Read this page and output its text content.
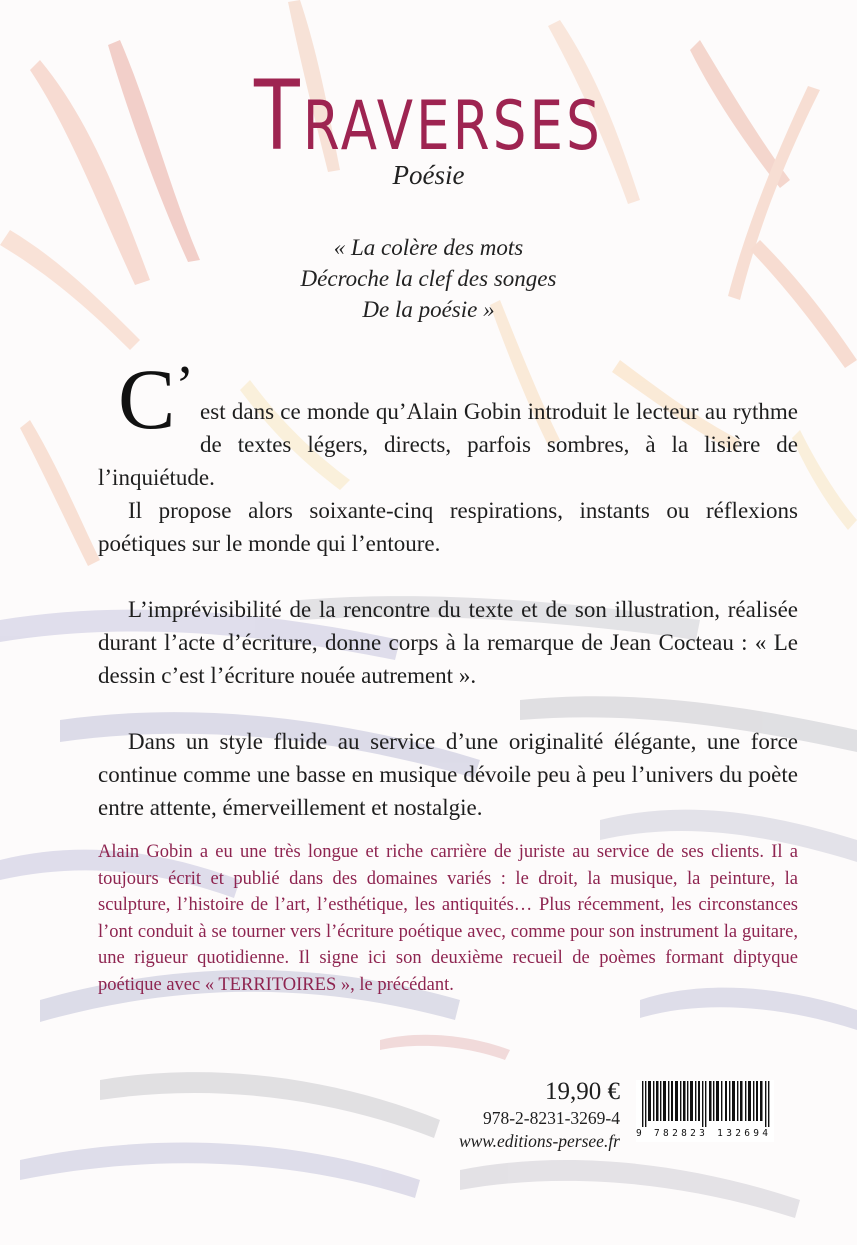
TRAVERSES
Poésie
« La colère des mots
Décroche la clef des songes
De la poésie »

C’ est dans ce monde qu’Alain Gobin introduit le lecteur au rythme de textes légers, directs, parfois sombres, à la lisière de l’inquiétude.

Il propose alors soixante-cinq respirations, instants ou réflexions poétiques sur le monde qui l’entoure.

L’imprévisibilité de la rencontre du texte et de son illustration, réalisée durant l’acte d’écriture, donne corps à la remarque de Jean Cocteau : « Le dessin c’est l’écriture nouée autrement ».

Dans un style fluide au service d’une originalité élégante, une force continue comme une basse en musique dévoile peu à peu l’univers du poète entre attente, émerveillement et nostalgie.

Alain Gobin a eu une très longue et riche carrière de juriste au service de ses clients. Il a toujours écrit et publié dans des domaines variés : le droit, la musique, la peinture, la sculpture, l’histoire de l’art, l’esthétique, les antiquités… Plus récemment, les circonstances l’ont conduit à se tourner vers l’écriture poétique avec, comme pour son instrument la guitare, une rigueur quotidienne. Il signe ici son deuxième recueil de poèmes formant diptyque poétique avec « TERRITOIRES », le précédant.

19,90 €
978-2-8231-3269-4
www.editions-persee.fr 9 782823 132694
